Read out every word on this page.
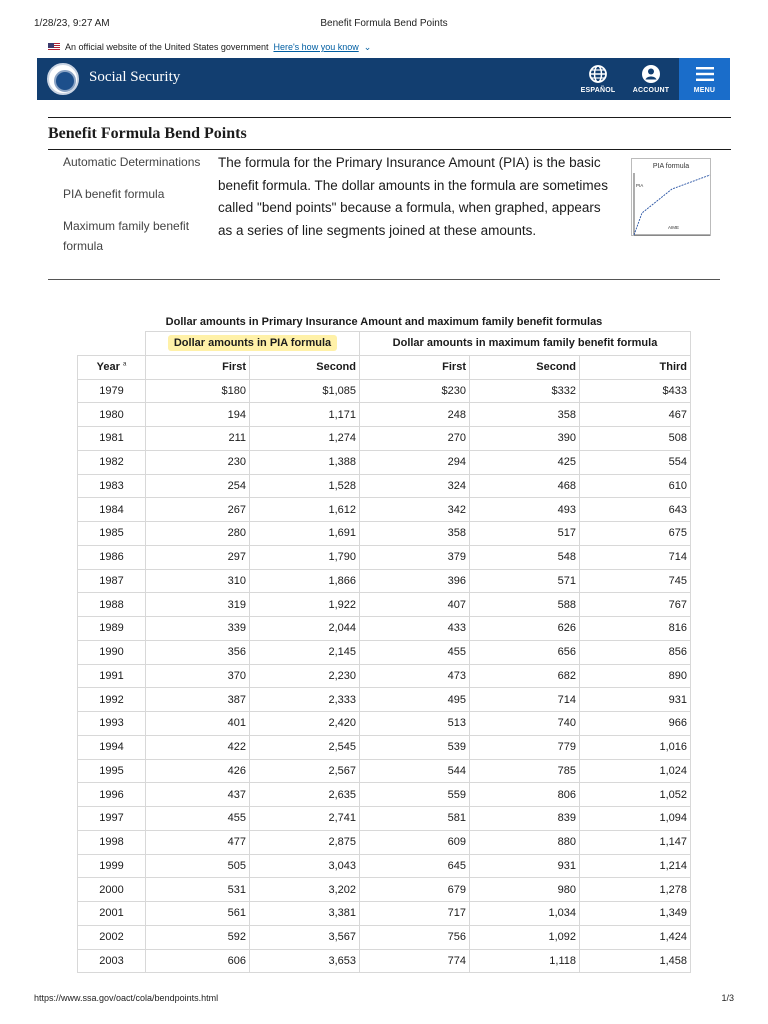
1/28/23, 9:27 AM	Benefit Formula Bend Points
An official website of the United States government Here's how you know ⌄
Social Security
ESPAÑOL	ACCOUNT	MENU
Benefit Formula Bend Points
Automatic Determinations
PIA benefit formula
Maximum family benefit formula

The formula for the Primary Insurance Amount (PIA) is the basic benefit formula. The dollar amounts in the formula are sometimes called "bend points" because a formula, when graphed, appears as a series of line segments joined at these amounts.

PIA formula
PIA
AIME
Dollar amounts in Primary Insurance Amount and maximum family benefit formulas
	Dollar amounts in PIA formula		Dollar amounts in maximum family benefit formula		
Year $^a$	First	Second	First	Second	Third
1979	$180	$1,085	$230	$332	$433
1980	194	1,171	248	358	467
1981	211	1,274	270	390	508
1982	230	1,388	294	425	554
1983	254	1,528	324	468	610
1984	267	1,612	342	493	643
1985	280	1,691	358	517	675
1986	297	1,790	379	548	714
1987	310	1,866	396	571	745
1988	319	1,922	407	588	767
1989	339	2,044	433	626	816
1990	356	2,145	455	656	856
1991	370	2,230	473	682	890
1992	387	2,333	495	714	931
1993	401	2,420	513	740	966
1994	422	2,545	539	779	1,016
1995	426	2,567	544	785	1,024
1996	437	2,635	559	806	1,052
1997	455	2,741	581	839	1,094
1998	477	2,875	609	880	1,147
1999	505	3,043	645	931	1,214
2000	531	3,202	679	980	1,278
2001	561	3,381	717	1,034	1,349
2002	592	3,567	756	1,092	1,424
2003	606	3,653	774	1,118	1,458
https://www.ssa.gov/oact/cola/bendpoints.html	1/3
